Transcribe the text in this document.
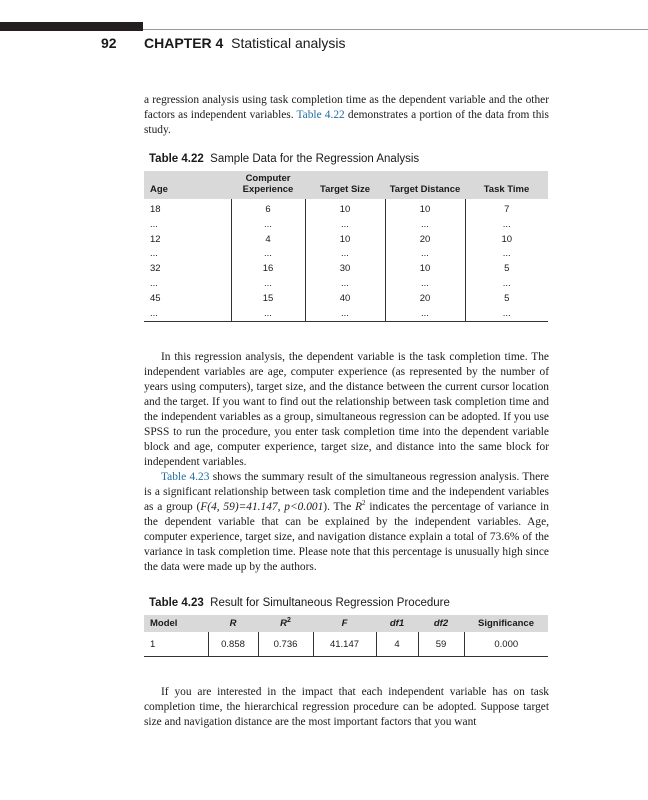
92 CHAPTER 4 Statistical analysis

a regression analysis using task completion time as the dependent variable and the other factors as independent variables. Table 4.22 demonstrates a portion of the data from this study.

Table 4.22 Sample Data for the Regression Analysis
Age	Computer Experience	Target Size	Target Distance	Task Time
18	6	10	10	7
...	...	...	...	...
12	4	10	20	10
...	...	...	...	...
32	16	30	10	5
...	...	...	...	...
45	15	40	20	5
...	...	...	...	...

In this regression analysis, the dependent variable is the task completion time. The independent variables are age, computer experience (as represented by the number of years using computers), target size, and the distance between the current cursor location and the target. If you want to find out the relationship between task completion time and the independent variables as a group, simultaneous regression can be adopted. If you use SPSS to run the procedure, you enter task completion time into the dependent variable block and age, computer experience, target size, and distance into the same block for independent variables.

Table 4.23 shows the summary result of the simultaneous regression analysis. There is a significant relationship between task completion time and the independent variables as a group (F(4, 59)=41.147, p<0.001). The $R^2$ indicates the percentage of variance in the dependent variable that can be explained by the independent variables. Age, computer experience, target size, and navigation distance explain a total of 73.6% of the variance in task completion time. Please note that this percentage is unusually high since the data were made up by the authors.

Table 4.23 Result for Simultaneous Regression Procedure
Model	R	$R^2$	F	df1	df2	Significance
1	0.858	0.736	41.147	4	59	0.000

If you are interested in the impact that each independent variable has on task completion time, the hierarchical regression procedure can be adopted. Suppose target size and navigation distance are the most important factors that you want
